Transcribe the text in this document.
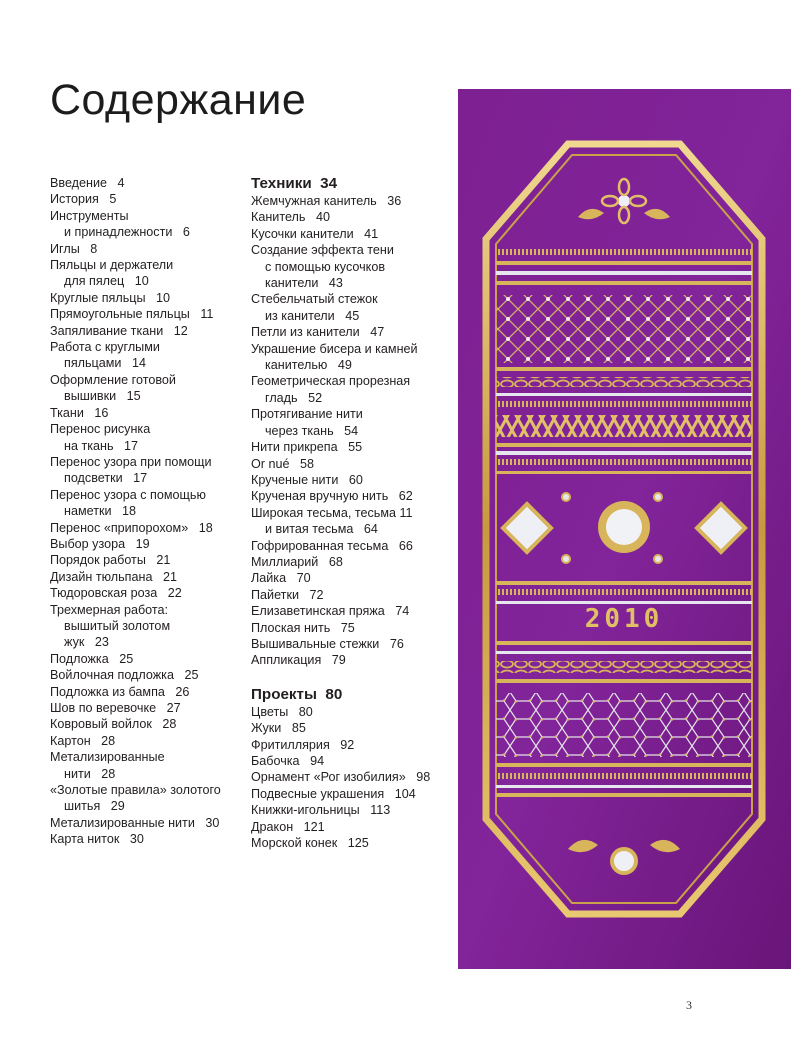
Содержание
Введение 4
История 5
Инструменты
и принадлежности 6
Иглы 8
Пяльцы и держатели
для пялец 10
Круглые пяльцы 10
Прямоугольные пяльцы 11
Запяливание ткани 12
Работа с круглыми
пяльцами 14
Оформление готовой
вышивки 15
Ткани 16
Перенос рисунка
на ткань 17
Перенос узора при помощи
подсветки 17
Перенос узора с помощью
наметки 18
Перенос «припорохом» 18
Выбор узора 19
Порядок работы 21
Дизайн тюльпана 21
Тюдоровская роза 22
Трехмерная работа:
вышитый золотом
жук 23
Подложка 25
Войлочная подложка 25
Подложка из бампа 26
Шов по веревочке 27
Ковровый войлок 28
Картон 28
Метализированные
нити 28
«Золотые правила» золотого
шитья 29
Метализированные нити 30
Карта ниток 30
Техники 34
Жемчужная канитель 36
Канитель 40
Кусочки канители 41
Создание эффекта тени
с помощью кусочков
канители 43
Стебельчатый стежок
из канители 45
Петли из канители 47
Украшение бисера и камней
канителью 49
Геометрическая прорезная
гладь 52
Протягивание нити
через ткань 54
Нити прикрепа 55
Or nué 58
Крученые нити 60
Крученая вручную нить 62
Широкая тесьма, тесьма 11
и витая тесьма 64
Гофрированная тесьма 66
Миллиарий 68
Лайка 70
Пайетки 72
Елизаветинская пряжа 74
Плоская нить 75
Вышивальные стежки 76
Аппликация 79
Проекты 80
Цветы 80
Жуки 85
Фритиллярия 92
Бабочка 94
Орнамент «Рог изобилия» 98
Подвесные украшения 104
Книжки-игольницы 113
Дракон 121
Морской конек 125
2010
3
